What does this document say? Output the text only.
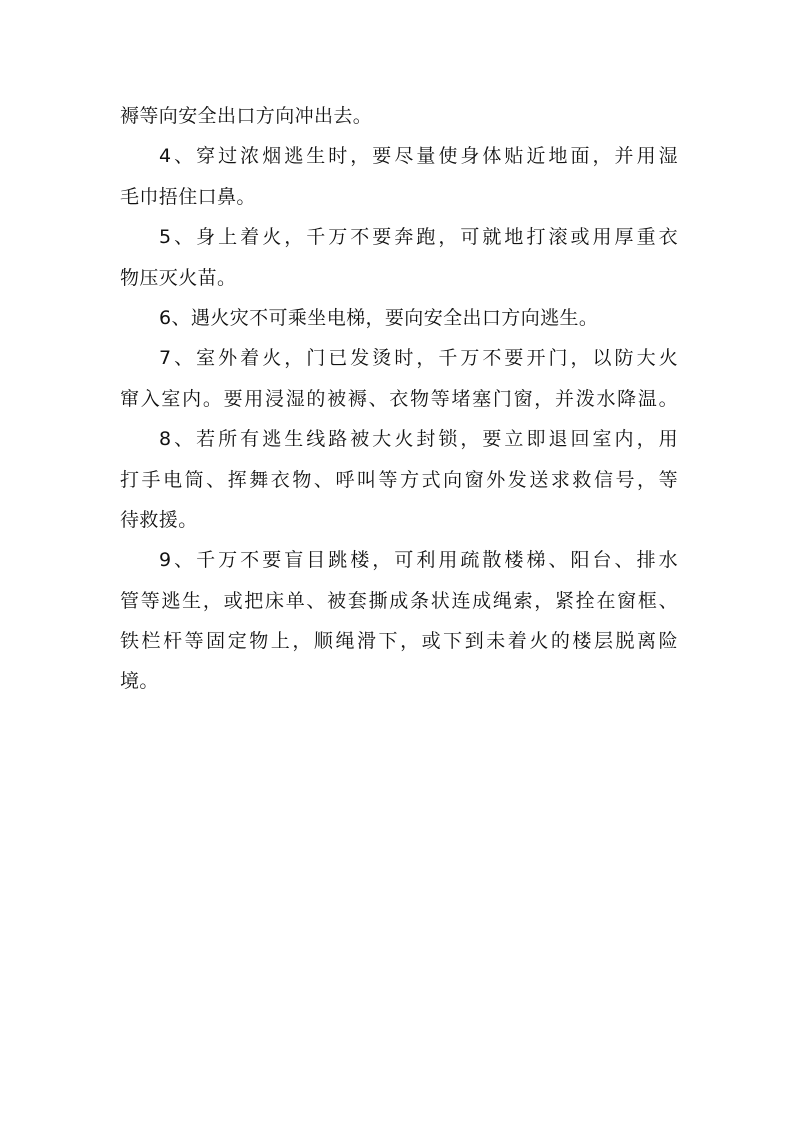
褥等向安全出口方向冲出去。
4、穿过浓烟逃生时，要尽量使身体贴近地面，并用湿
毛巾捂住口鼻。
5、身上着火，千万不要奔跑，可就地打滚或用厚重衣
物压灭火苗。
6、遇火灾不可乘坐电梯，要向安全出口方向逃生。
7、室外着火，门已发烫时，千万不要开门，以防大火
窜入室内。要用浸湿的被褥、衣物等堵塞门窗，并泼水降温。
8、若所有逃生线路被大火封锁，要立即退回室内，用
打手电筒、挥舞衣物、呼叫等方式向窗外发送求救信号，等
待救援。
9、千万不要盲目跳楼，可利用疏散楼梯、阳台、排水
管等逃生，或把床单、被套撕成条状连成绳索，紧拴在窗框、
铁栏杆等固定物上，顺绳滑下，或下到未着火的楼层脱离险
境。
